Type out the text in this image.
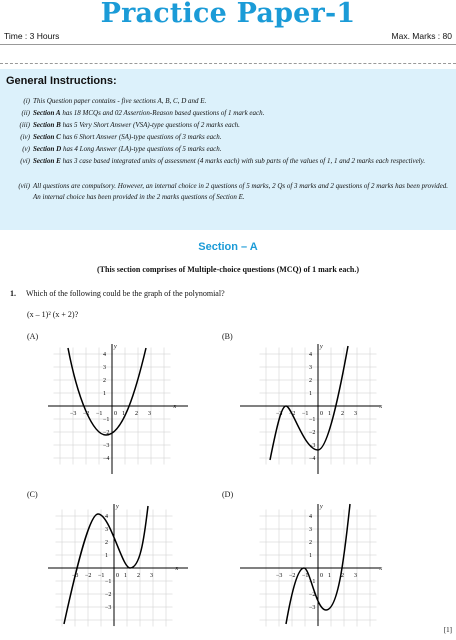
Practice Paper-1
Time : 3 Hours	Max. Marks : 80
General Instructions:
(i) This Question paper contains - five sections A, B, C, D and E.
(ii) Section A has 18 MCQs and 02 Assertion-Reason based questions of 1 mark each.
(iii) Section B has 5 Very Short Answer (VSA)-type questions of 2 marks each.
(iv) Section C has 6 Short Answer (SA)-type questions of 3 marks each.
(v) Section D has 4 Long Answer (LA)-type questions of 5 marks each.
(vi) Section E has 3 case based integrated units of assessment (4 marks each) with sub parts of the values of 1, 1 and 2 marks each respectively.
(vii) All questions are compulsory. However, an internal choice in 2 questions of 5 marks, 2 Qs of 3 marks and 2 questions of 2 marks has been provided. An internal choice has been provided in the 2 marks questions of Section E.
Section – A
(This section comprises of Multiple-choice questions (MCQ) of 1 mark each.)
1. Which of the following could be the graph of the polynomial?
(x – 1)² (x + 2)?
(A)	(B)
(C)	(D)
−3 −2 −1	1 2 3
0
4
3
2
1
−1
−2
−3
−4
x
y
−3 −2 −1	1 2 3
0
4
3
2
1
−1
−2
−3
−4
x
y
−3 −2 −1	1 2 3
0
4
3
2
1
−1
−2
−3
x
y
−3 −2 −1	1 2 3
0
4
3
2
1
−1
−2
−3
x
y
[1]
